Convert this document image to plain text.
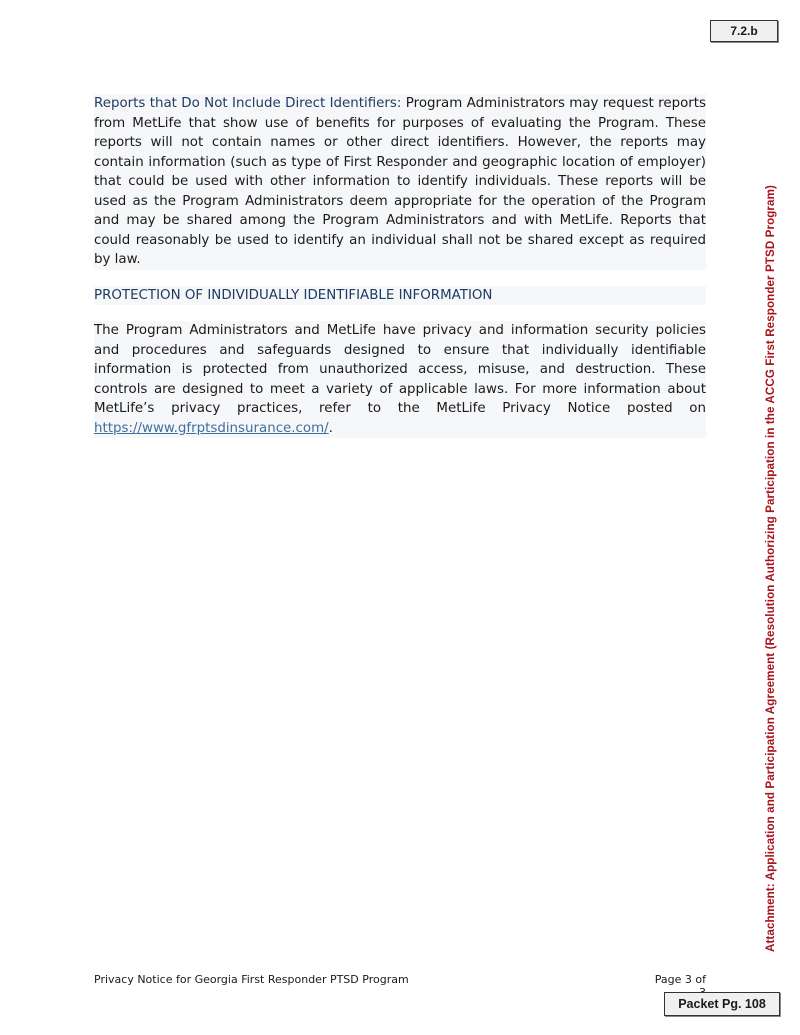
7.2.b

Reports that Do Not Include Direct Identifiers: Program Administrators may request reports from MetLife that show use of benefits for purposes of evaluating the Program. These reports will not contain names or other direct identifiers. However, the reports may contain information (such as type of First Responder and geographic location of employer) that could be used with other information to identify individuals. These reports will be used as the Program Administrators deem appropriate for the operation of the Program and may be shared among the Program Administrators and with MetLife. Reports that could reasonably be used to identify an individual shall not be shared except as required by law.

PROTECTION OF INDIVIDUALLY IDENTIFIABLE INFORMATION

The Program Administrators and MetLife have privacy and information security policies and procedures and safeguards designed to ensure that individually identifiable information is protected from unauthorized access, misuse, and destruction. These controls are designed to meet a variety of applicable laws. For more information about MetLife’s privacy practices, refer to the MetLife Privacy Notice posted on https://www.gfrptsdinsurance.com/.	Attachment: Application and Participation Agreement (Resolution Authorizing Participation in the ACCG First Responder PTSD Program)
Privacy Notice for Georgia First Responder PTSD Program	Page 3 of
Packet Pg. 108
